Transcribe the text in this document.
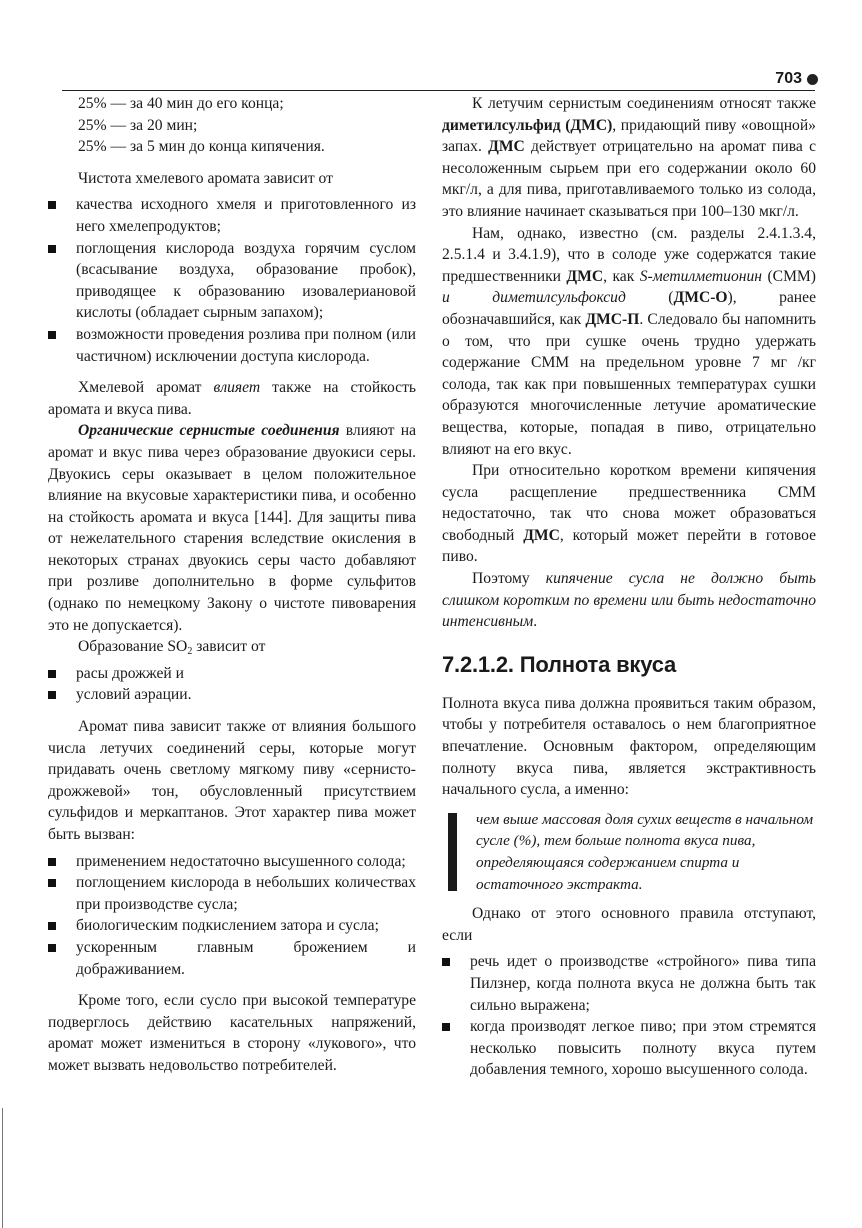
703

25% — за 40 мин до его конца;

25% — за 20 мин;

25% — за 5 мин до конца кипячения.

Чистота хмелевого аромата зависит от

качества исходного хмеля и приготовленного из него хмелепродуктов;
поглощения кислорода воздуха горячим суслом (всасывание воздуха, образование пробок), приводящее к образованию изовалериановой кислоты (обладает сырным запахом);
возможности проведения розлива при полном (или частичном) исключении доступа кислорода.

Хмелевой аромат влияет также на стойкость аромата и вкуса пива.

Органические сернистые соединения влияют на аромат и вкус пива через образование двуокиси серы. Двуокись серы оказывает в целом положительное влияние на вкусовые характеристики пива, и особенно на стойкость аромата и вкуса [144]. Для защиты пива от нежелательного старения вследствие окисления в некоторых странах двуокись серы часто добавляют при розливе дополнительно в форме сульфитов (однако по немецкому Закону о чистоте пивоварения это не допускается).

Образование $SO_2$ зависит от

расы дрожжей и
условий аэрации.

Аромат пива зависит также от влияния большого числа летучих соединений серы, которые могут придавать очень светлому мягкому пиву «сернисто-дрожжевой» тон, обусловленный присутствием сульфидов и меркаптанов. Этот характер пива может быть вызван:

применением недостаточно высушенного солода;
поглощением кислорода в небольших количествах при производстве сусла;
биологическим подкислением затора и сусла;
ускоренным главным брожением и дображиванием.

Кроме того, если сусло при высокой температуре подверглось действию касательных напряжений, аромат может измениться в сторону «лукового», что может вызвать недовольство потребителей.

К летучим сернистым соединениям относят также диметилсульфид (ДМС), придающий пиву «овощной» запах. ДМС действует отрицательно на аромат пива с несоложенным сырьем при его содержании около 60 мкг/л, а для пива, приготавливаемого только из солода, это влияние начинает сказываться при 100–130 мкг/л.

Нам, однако, известно (см. разделы 2.4.1.3.4, 2.5.1.4 и 3.4.1.9), что в солоде уже содержатся такие предшественники ДМС, как S-метилметионин (СММ) и диметилсульфоксид (ДМС-О), ранее обозначавшийся, как ДМС-П. Следовало бы напомнить о том, что при сушке очень трудно удержать содержание СММ на предельном уровне 7 мг /кг солода, так как при повышенных температурах сушки образуются многочисленные летучие ароматические вещества, которые, попадая в пиво, отрицательно влияют на его вкус.

При относительно коротком времени кипячения сусла расщепление предшественника СММ недостаточно, так что снова может образоваться свободный ДМС, который может перейти в готовое пиво.

Поэтому кипячение сусла не должно быть слишком коротким по времени или быть недостаточно интенсивным.

7.2.1.2. Полнота вкуса

Полнота вкуса пива должна проявиться таким образом, чтобы у потребителя оставалось о нем благоприятное впечатление. Основным фактором, определяющим полноту вкуса пива, является экстрактивность начального сусла, а именно:

чем выше массовая доля сухих веществ в начальном сусле (%), тем больше полнота вкуса пива, определяющаяся содержанием спирта и остаточного экстракта.

Однако от этого основного правила отступают, если

речь идет о производстве «стройного» пива типа Пилзнер, когда полнота вкуса не должна быть так сильно выражена;
когда производят легкое пиво; при этом стремятся несколько повысить полноту вкуса путем добавления темного, хорошо высушенного солода.
